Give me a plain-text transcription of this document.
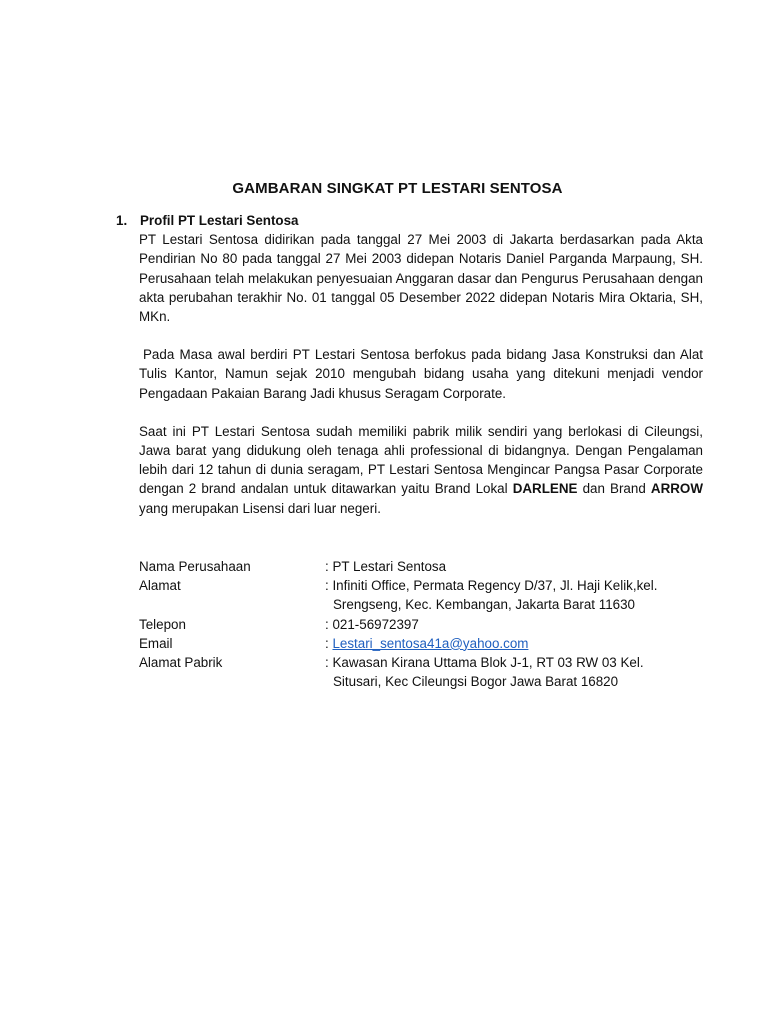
GAMBARAN SINGKAT PT LESTARI SENTOSA
1. Profil PT Lestari Sentosa

PT Lestari Sentosa didirikan pada tanggal 27 Mei 2003 di Jakarta berdasarkan pada Akta Pendirian No 80 pada tanggal 27 Mei 2003 didepan Notaris Daniel Parganda Marpaung, SH. Perusahaan telah melakukan penyesuaian Anggaran dasar dan Pengurus Perusahaan dengan akta perubahan terakhir No. 01 tanggal 05 Desember 2022 didepan Notaris Mira Oktaria, SH, MKn.

Pada Masa awal berdiri PT Lestari Sentosa berfokus pada bidang Jasa Konstruksi dan Alat Tulis Kantor, Namun sejak 2010 mengubah bidang usaha yang ditekuni menjadi vendor Pengadaan Pakaian Barang Jadi khusus Seragam Corporate.

Saat ini PT Lestari Sentosa sudah memiliki pabrik milik sendiri yang berlokasi di Cileungsi, Jawa barat yang didukung oleh tenaga ahli professional di bidangnya. Dengan Pengalaman lebih dari 12 tahun di dunia seragam, PT Lestari Sentosa Mengincar Pangsa Pasar Corporate dengan 2 brand andalan untuk ditawarkan yaitu Brand Lokal DARLENE dan Brand ARROW yang merupakan Lisensi dari luar negeri.

Nama Perusahaan	: PT Lestari Sentosa
Alamat	: Infiniti Office, Permata Regency D/37, Jl. Haji Kelik,kel.
Srengseng, Kec. Kembangan, Jakarta Barat 11630
Telepon	: 021-56972397
Email	: Lestari_sentosa41a@yahoo.com
Alamat Pabrik	: Kawasan Kirana Uttama Blok J-1, RT 03 RW 03 Kel.
Situsari, Kec Cileungsi Bogor Jawa Barat 16820
